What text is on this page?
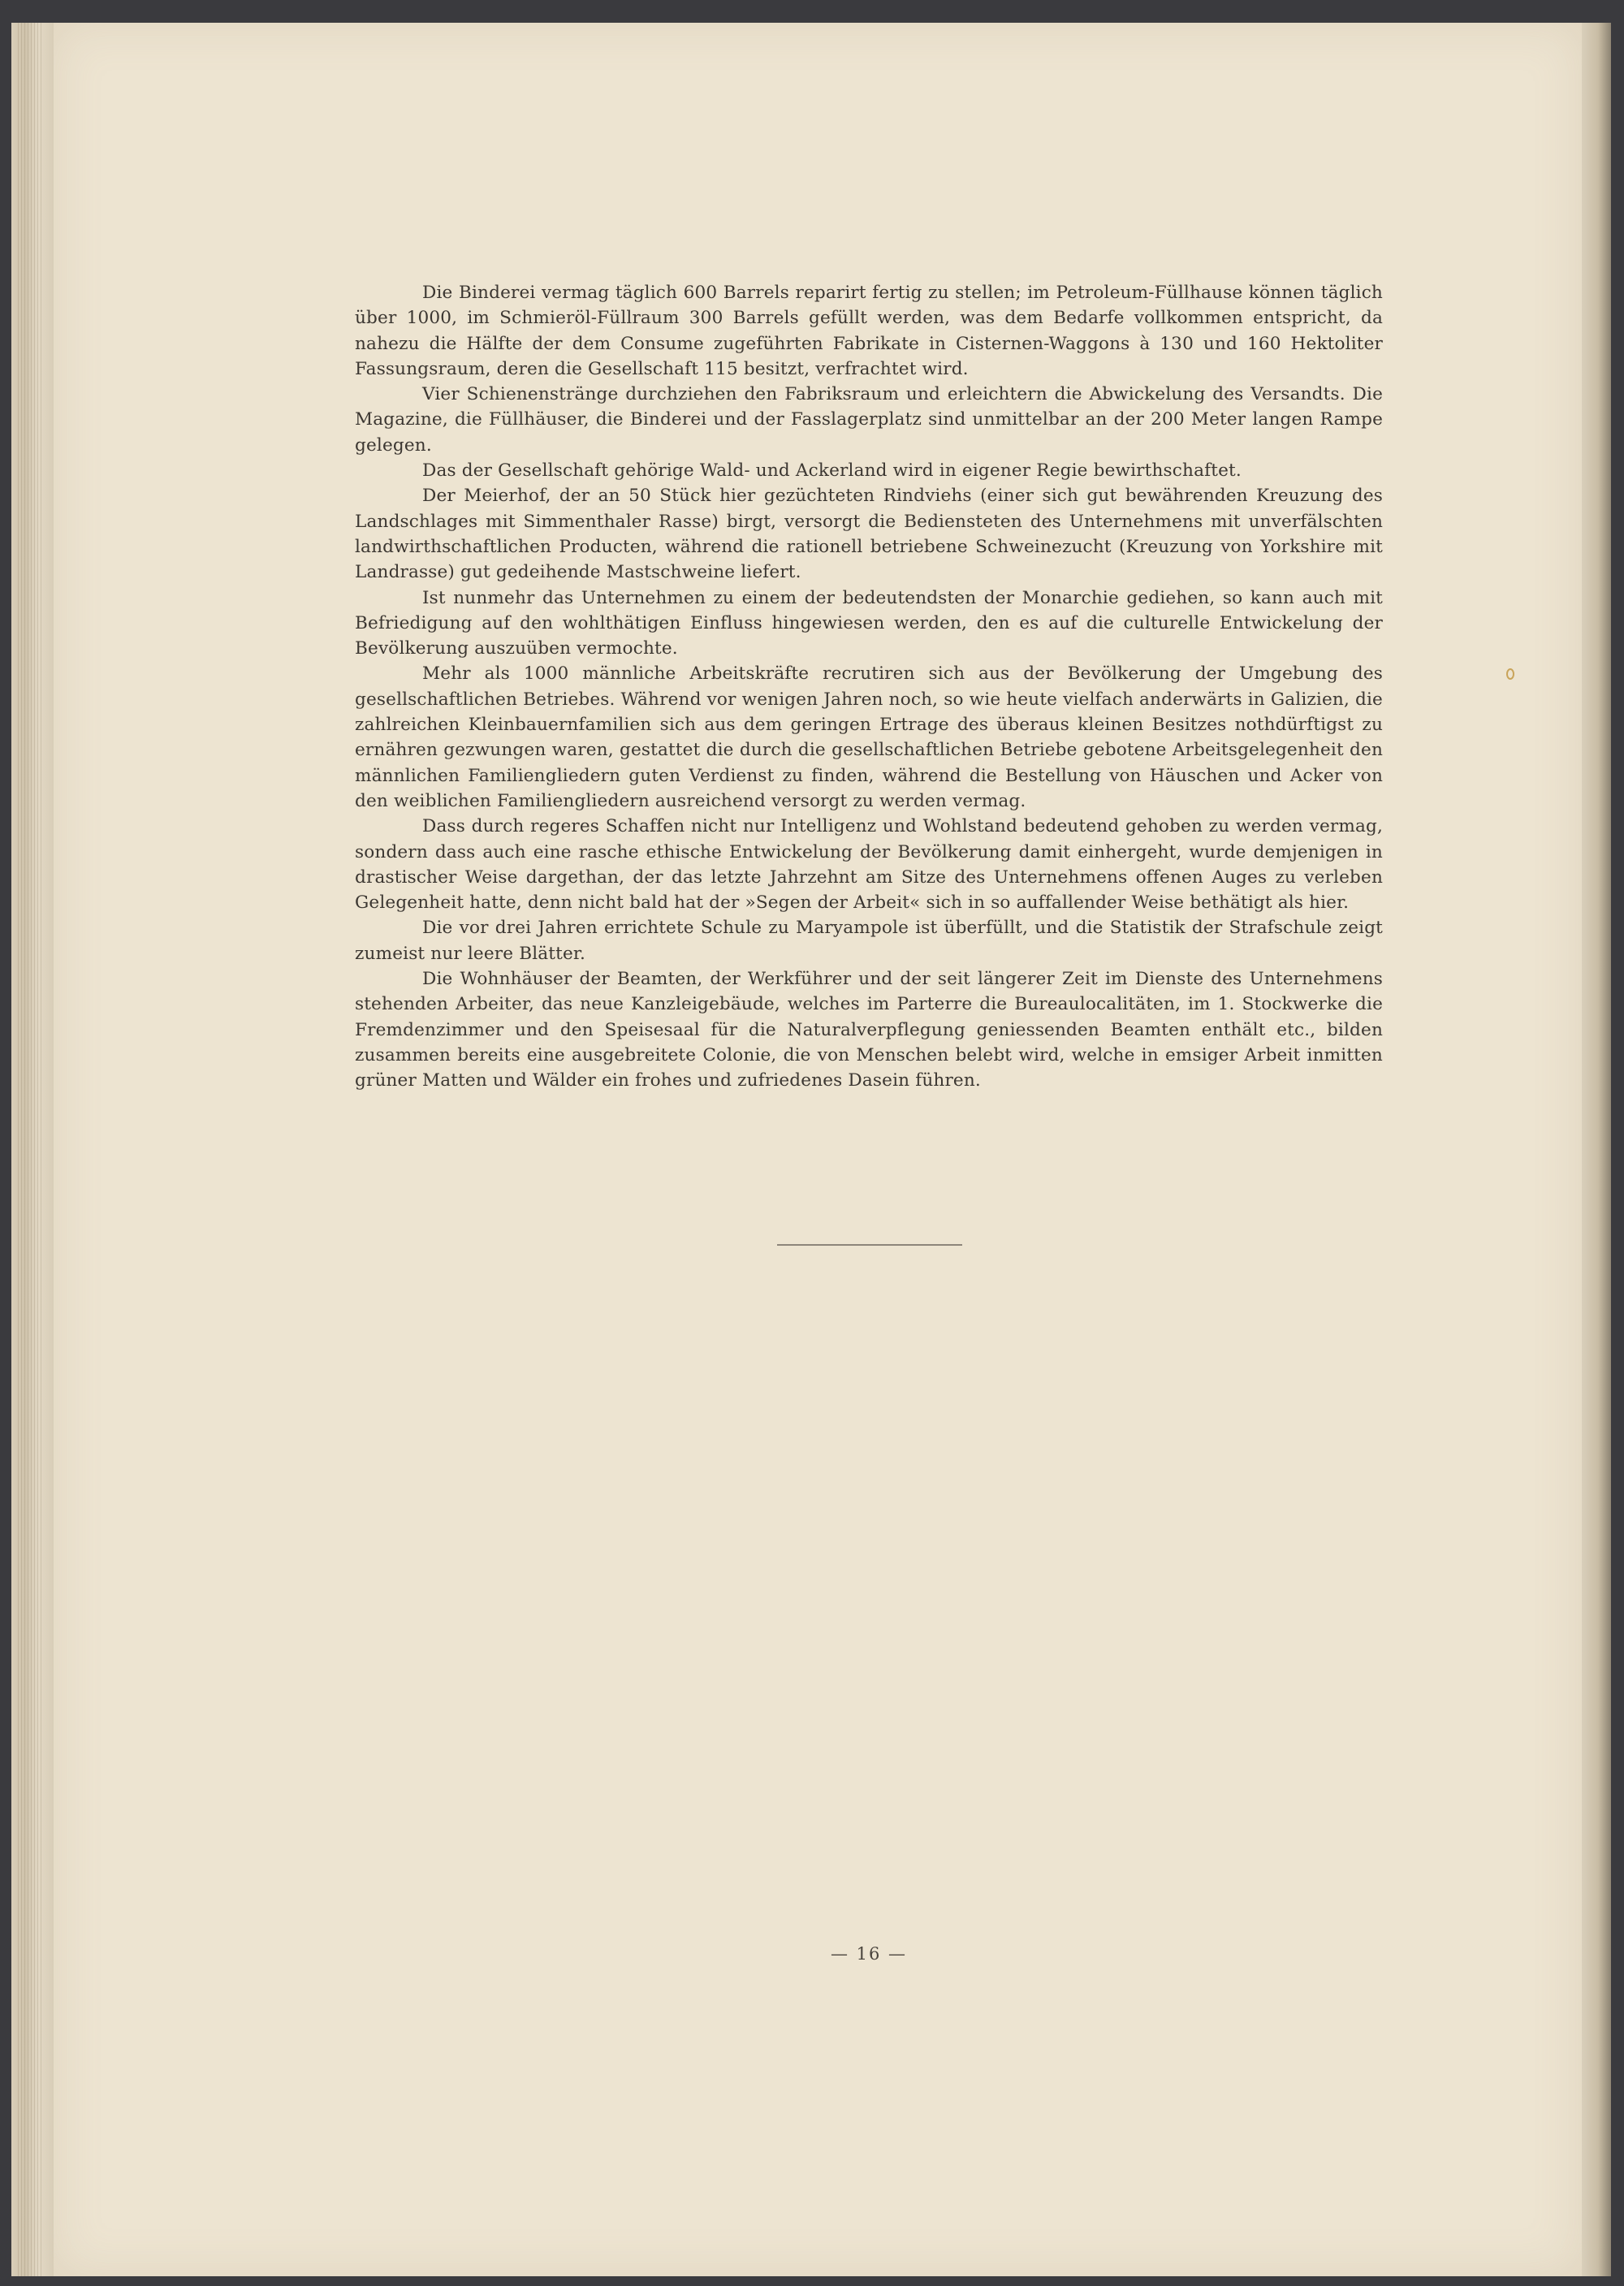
Die Binderei vermag täglich 600 Barrels reparirt fertig zu stellen; im Petroleum-Füllhause können täglich über 1000, im Schmieröl-Füllraum 300 Barrels gefüllt werden, was dem Bedarfe vollkommen entspricht, da nahezu die Hälfte der dem Consume zugeführten Fabrikate in Cisternen-Waggons à 130 und 160 Hektoliter Fassungsraum, deren die Gesellschaft 115 besitzt, verfrachtet wird.

Vier Schienenstränge durchziehen den Fabriksraum und erleichtern die Abwickelung des Versandts. Die Magazine, die Füllhäuser, die Binderei und der Fasslagerplatz sind unmittelbar an der 200 Meter langen Rampe gelegen.

Das der Gesellschaft gehörige Wald- und Ackerland wird in eigener Regie bewirthschaftet.

Der Meierhof, der an 50 Stück hier gezüchteten Rindviehs (einer sich gut bewährenden Kreuzung des Landschlages mit Simmenthaler Rasse) birgt, versorgt die Bediensteten des Unternehmens mit unverfälschten landwirthschaftlichen Producten, während die rationell betriebene Schweinezucht (Kreuzung von Yorkshire mit Landrasse) gut gedeihende Mastschweine liefert.

Ist nunmehr das Unternehmen zu einem der bedeutendsten der Monarchie gediehen, so kann auch mit Befriedigung auf den wohlthätigen Einfluss hingewiesen werden, den es auf die culturelle Entwickelung der Bevölkerung auszuüben vermochte.

Mehr als 1000 männliche Arbeitskräfte recrutiren sich aus der Bevölkerung der Umgebung des gesellschaftlichen Betriebes. Während vor wenigen Jahren noch, so wie heute vielfach anderwärts in Galizien, die zahlreichen Kleinbauernfamilien sich aus dem geringen Ertrage des überaus kleinen Besitzes nothdürftigst zu ernähren gezwungen waren, gestattet die durch die gesellschaftlichen Betriebe gebotene Arbeitsgelegenheit den männlichen Familiengliedern guten Verdienst zu finden, während die Bestellung von Häuschen und Acker von den weiblichen Familiengliedern ausreichend versorgt zu werden vermag.

Dass durch regeres Schaffen nicht nur Intelligenz und Wohlstand bedeutend gehoben zu werden vermag, sondern dass auch eine rasche ethische Entwickelung der Bevölkerung damit einhergeht, wurde demjenigen in drastischer Weise dargethan, der das letzte Jahrzehnt am Sitze des Unternehmens offenen Auges zu verleben Gelegenheit hatte, denn nicht bald hat der »Segen der Arbeit« sich in so auffallender Weise bethätigt als hier.

Die vor drei Jahren errichtete Schule zu Maryampole ist überfüllt, und die Statistik der Strafschule zeigt zumeist nur leere Blätter.

Die Wohnhäuser der Beamten, der Werkführer und der seit längerer Zeit im Dienste des Unternehmens stehenden Arbeiter, das neue Kanzleigebäude, welches im Parterre die Bureaulocalitäten, im 1. Stockwerke die Fremdenzimmer und den Speisesaal für die Naturalverpflegung geniessenden Beamten enthält etc., bilden zusammen bereits eine ausgebreitete Colonie, die von Menschen belebt wird, welche in emsiger Arbeit inmitten grüner Matten und Wälder ein frohes und zufriedenes Dasein führen.

— 16 —
